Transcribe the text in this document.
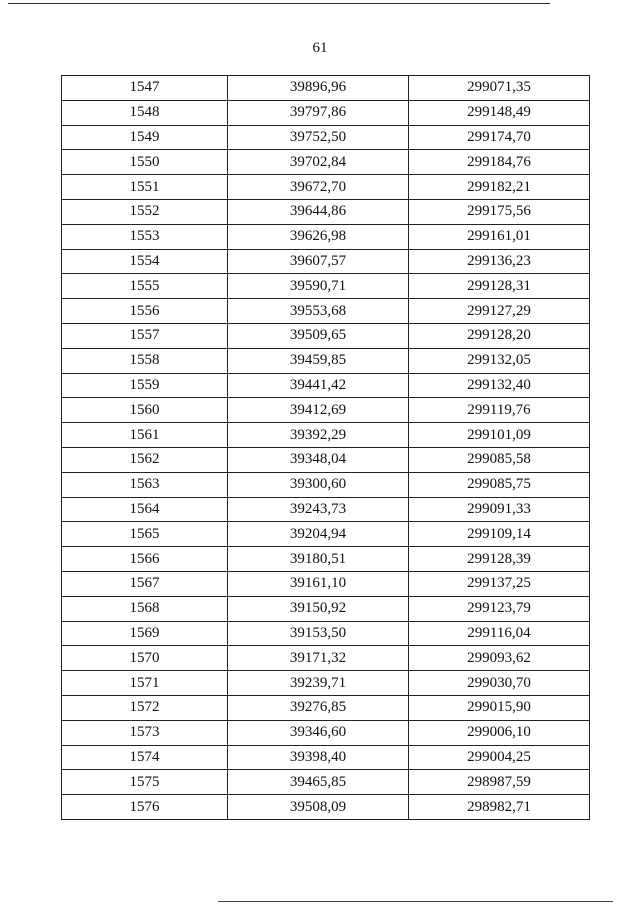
61
1547	39896,96	299071,35
1548	39797,86	299148,49
1549	39752,50	299174,70
1550	39702,84	299184,76
1551	39672,70	299182,21
1552	39644,86	299175,56
1553	39626,98	299161,01
1554	39607,57	299136,23
1555	39590,71	299128,31
1556	39553,68	299127,29
1557	39509,65	299128,20
1558	39459,85	299132,05
1559	39441,42	299132,40
1560	39412,69	299119,76
1561	39392,29	299101,09
1562	39348,04	299085,58
1563	39300,60	299085,75
1564	39243,73	299091,33
1565	39204,94	299109,14
1566	39180,51	299128,39
1567	39161,10	299137,25
1568	39150,92	299123,79
1569	39153,50	299116,04
1570	39171,32	299093,62
1571	39239,71	299030,70
1572	39276,85	299015,90
1573	39346,60	299006,10
1574	39398,40	299004,25
1575	39465,85	298987,59
1576	39508,09	298982,71
